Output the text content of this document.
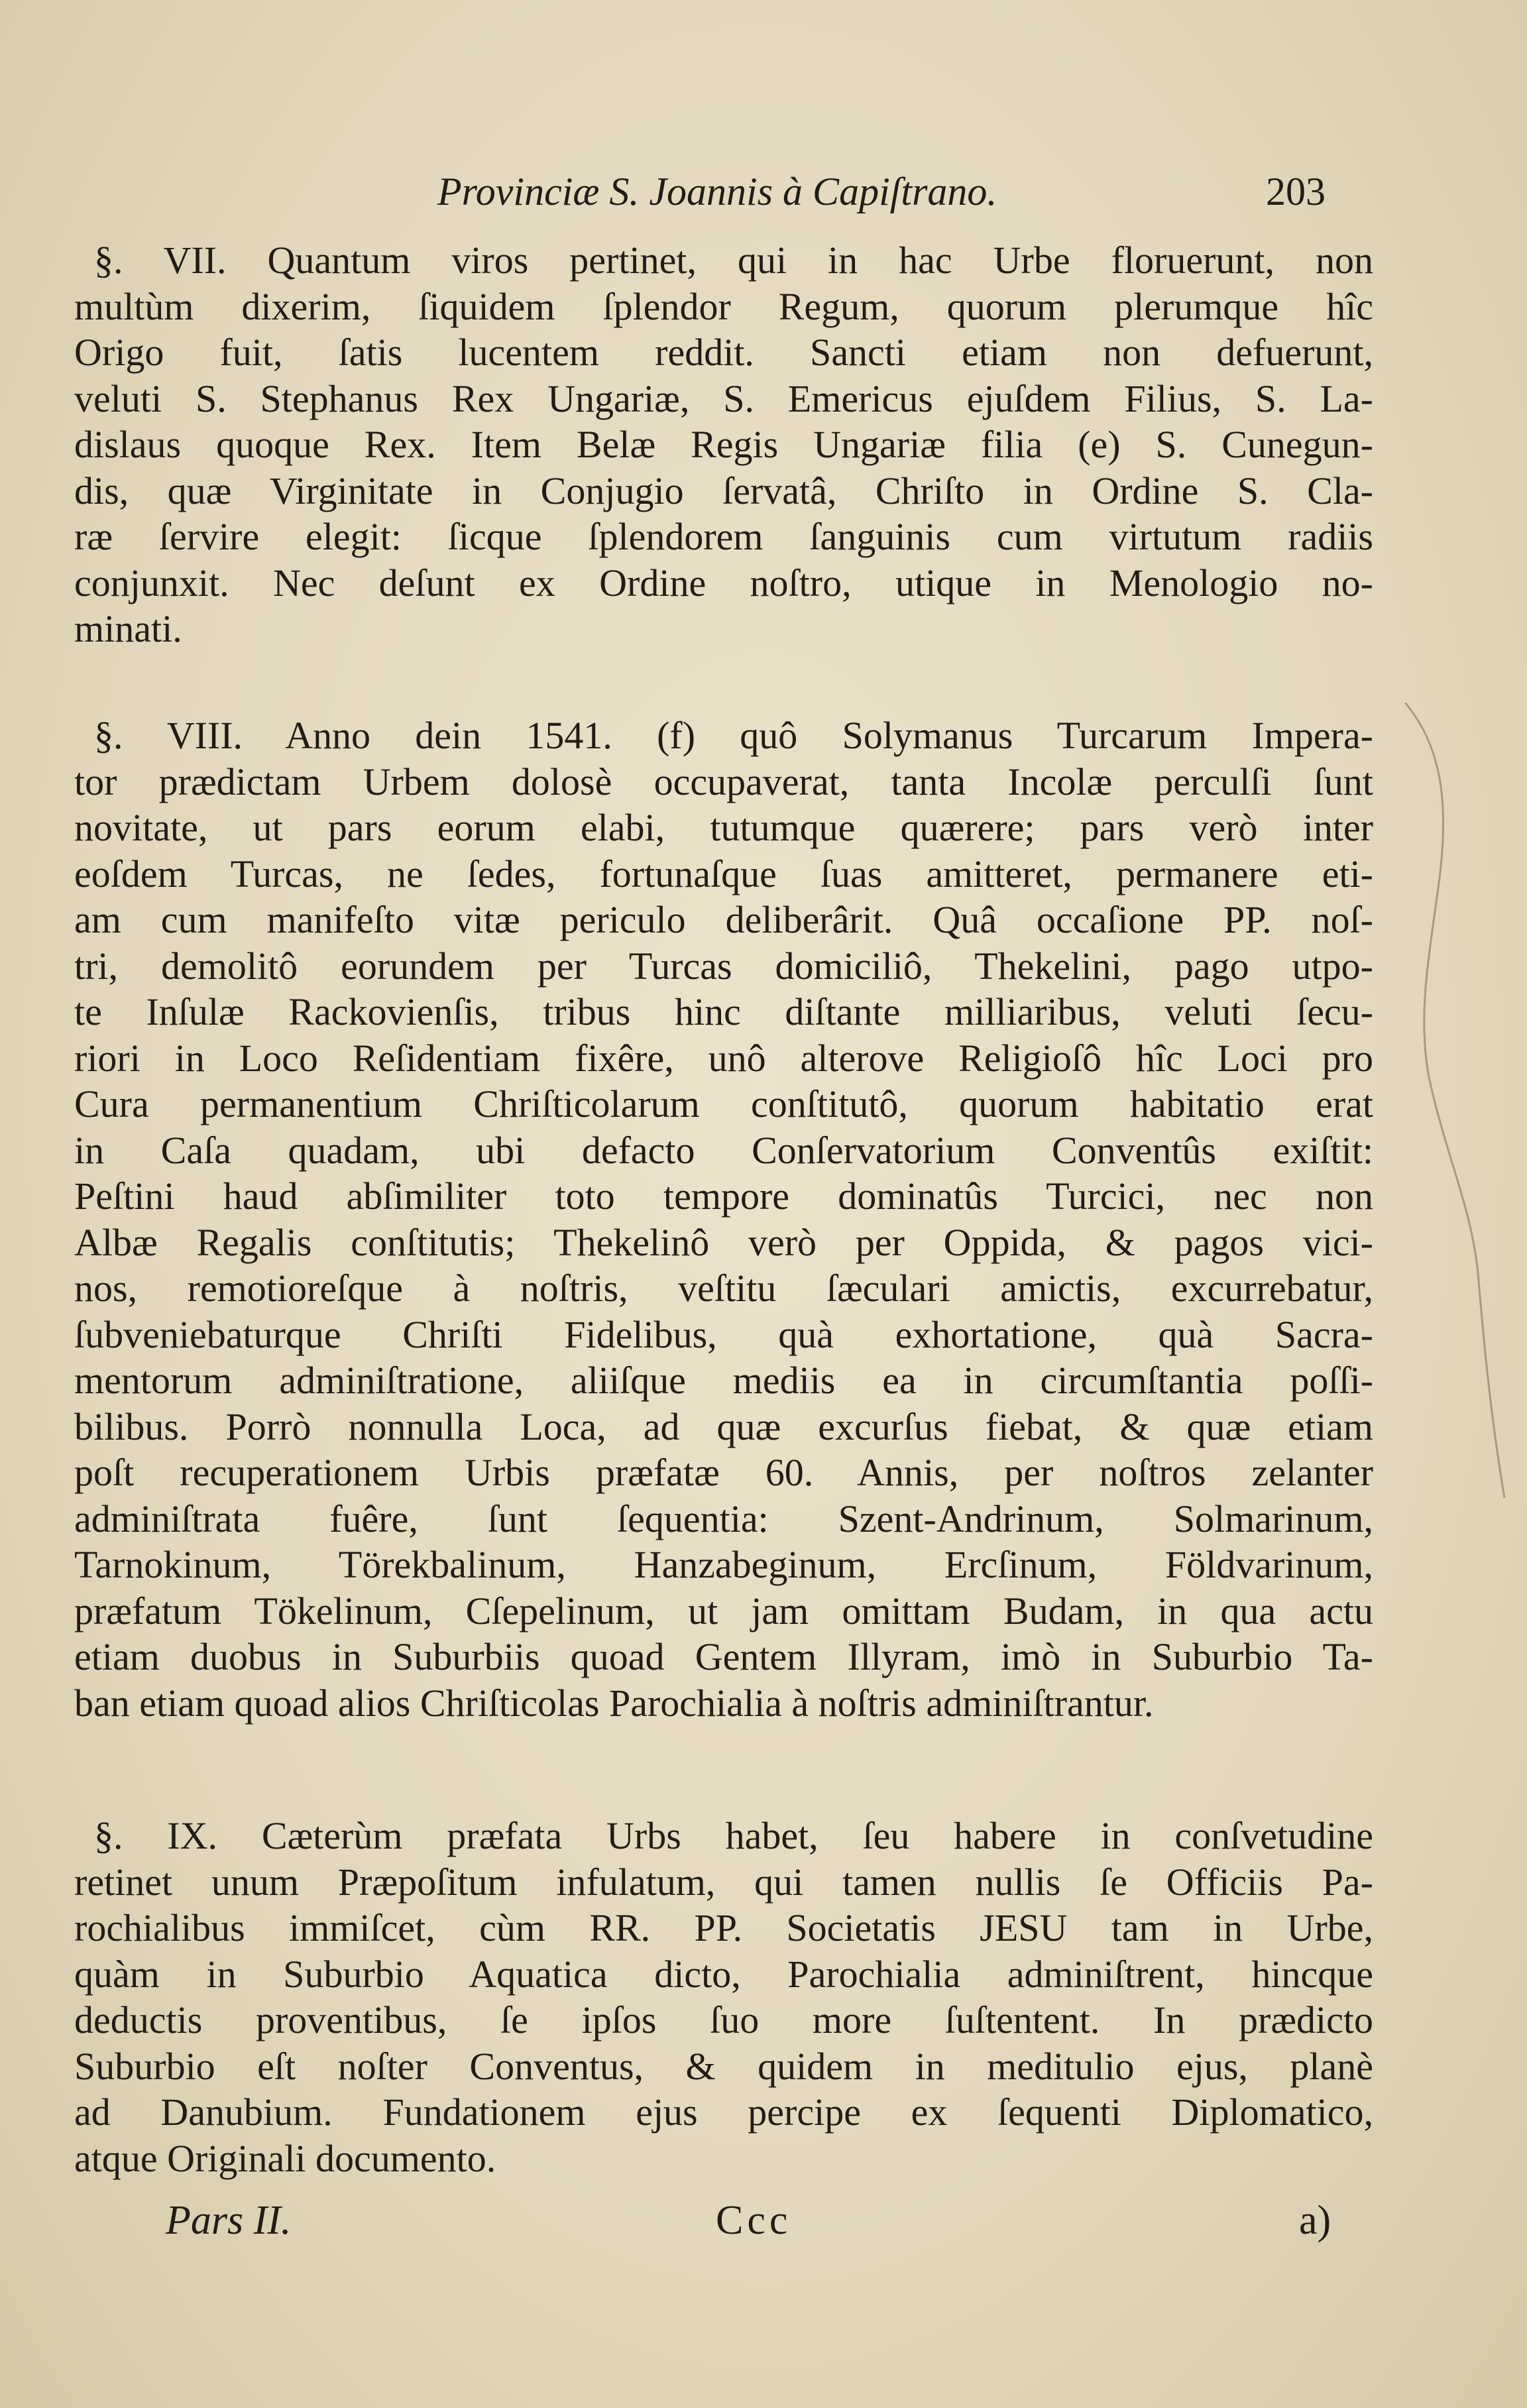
Provinciæ S. Joannis à Capiſtrano.	203
§. VII. Quantum viros pertinet, qui in hac Urbe floruerunt, non
multùm dixerim, ſiquidem ſplendor Regum, quorum plerumque hîc
Origo fuit, ſatis lucentem reddit. Sancti etiam non defuerunt,
veluti S. Stephanus Rex Ungariæ, S. Emericus ejuſdem Filius, S. La-
dislaus quoque Rex. Item Belæ Regis Ungariæ filia (e) S. Cunegun-
dis, quæ Virginitate in Conjugio ſervatâ, Chriſto in Ordine S. Cla-
ræ ſervire elegit: ſicque ſplendorem ſanguinis cum virtutum radiis
conjunxit. Nec deſunt ex Ordine noſtro, utique in Menologio no-
minati.
§. VIII. Anno dein 1541. (f) quô Solymanus Turcarum Impera-
tor prædictam Urbem dolosè occupaverat, tanta Incolæ perculſi ſunt
novitate, ut pars eorum elabi, tutumque quærere; pars verò inter
eoſdem Turcas, ne ſedes, fortunaſque ſuas amitteret, permanere eti-
am cum manifeſto vitæ periculo deliberârit. Quâ occaſione PP. noſ-
tri, demolitô eorundem per Turcas domiciliô, Thekelini, pago utpo-
te Inſulæ Rackovienſis, tribus hinc diſtante milliaribus, veluti ſecu-
riori in Loco Reſidentiam fixêre, unô alterove Religioſô hîc Loci pro
Cura permanentium Chriſticolarum conſtitutô, quorum habitatio erat
in Caſa quadam, ubi defacto Conſervatorium Conventûs exiſtit:
Peſtini haud abſimiliter toto tempore dominatûs Turcici, nec non
Albæ Regalis conſtitutis; Thekelinô verò per Oppida, & pagos vici-
nos, remotioreſque à noſtris, veſtitu ſæculari amictis, excurrebatur,
ſubveniebaturque Chriſti Fidelibus, quà exhortatione, quà Sacra-
mentorum adminiſtratione, aliiſque mediis ea in circumſtantia poſſi-
bilibus. Porrò nonnulla Loca, ad quæ excurſus fiebat, & quæ etiam
poſt recuperationem Urbis præfatæ 60. Annis, per noſtros zelanter
adminiſtrata fuêre, ſunt ſequentia: Szent-Andrinum, Solmarinum,
Tarnokinum, Törekbalinum, Hanzabeginum, Ercſinum, Földvarinum,
præfatum Tökelinum, Cſepelinum, ut jam omittam Budam, in qua actu
etiam duobus in Suburbiis quoad Gentem Illyram, imò in Suburbio Ta-
ban etiam quoad alios Chriſticolas Parochialia à noſtris adminiſtrantur.
§. IX. Cæterùm præfata Urbs habet, ſeu habere in conſvetudine
retinet unum Præpoſitum infulatum, qui tamen nullis ſe Officiis Pa-
rochialibus immiſcet, cùm RR. PP. Societatis JESU tam in Urbe,
quàm in Suburbio Aquatica dicto, Parochialia adminiſtrent, hincque
deductis proventibus, ſe ipſos ſuo more ſuſtentent. In prædicto
Suburbio eſt noſter Conventus, & quidem in meditulio ejus, planè
ad Danubium. Fundationem ejus percipe ex ſequenti Diplomatico,
atque Originali documento.
Pars II.	Ccc	a)
